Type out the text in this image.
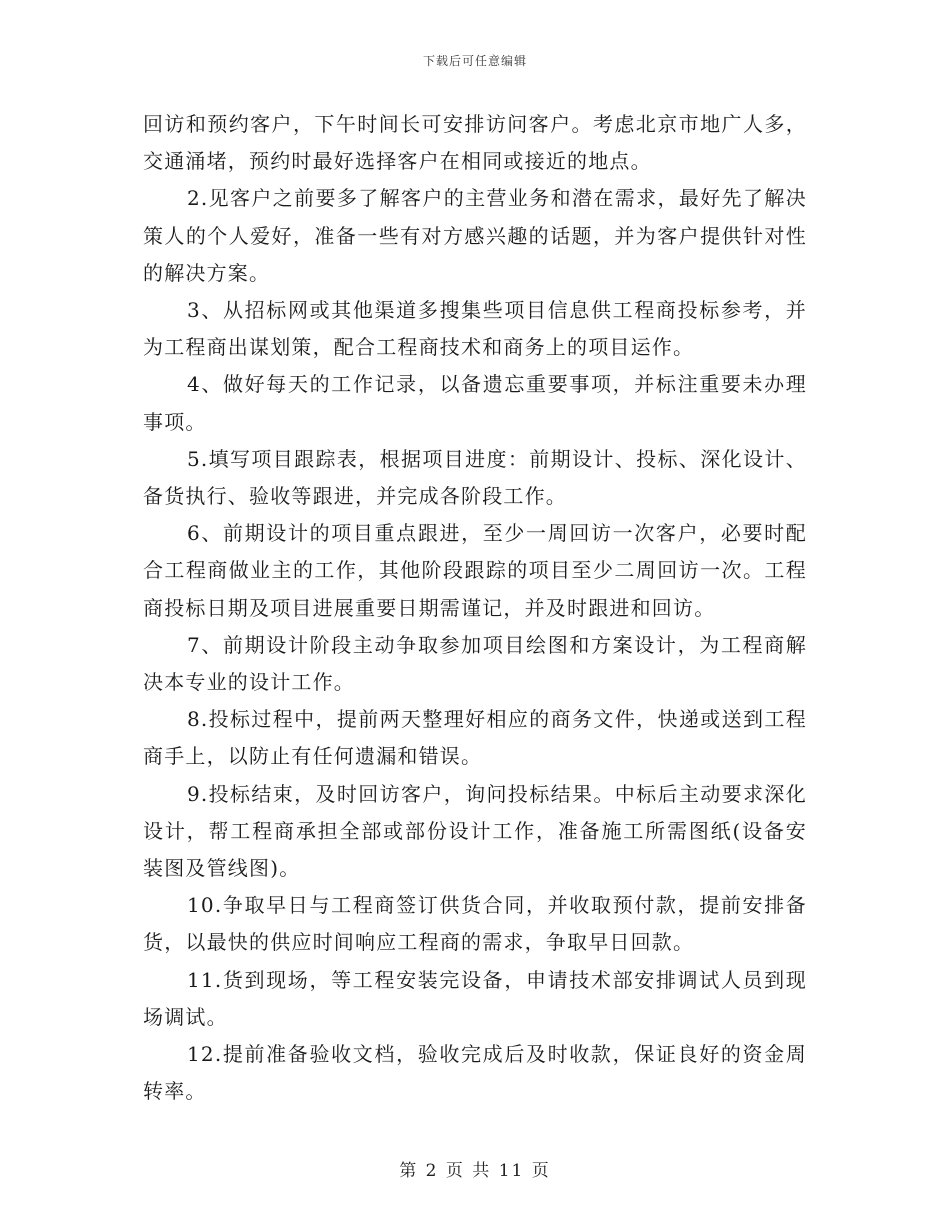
下载后可任意编辑

回访和预约客户，下午时间长可安排访问客户。考虑北京市地广人多，交通涌堵，预约时最好选择客户在相同或接近的地点。

2.见客户之前要多了解客户的主营业务和潜在需求，最好先了解决策人的个人爱好，准备一些有对方感兴趣的话题，并为客户提供针对性的解决方案。

3、从招标网或其他渠道多搜集些项目信息供工程商投标参考，并为工程商出谋划策，配合工程商技术和商务上的项目运作。

4、做好每天的工作记录，以备遗忘重要事项，并标注重要未办理事项。

5.填写项目跟踪表，根据项目进度：前期设计、投标、深化设计、备货执行、验收等跟进，并完成各阶段工作。

6、前期设计的项目重点跟进，至少一周回访一次客户，必要时配合工程商做业主的工作，其他阶段跟踪的项目至少二周回访一次。工程商投标日期及项目进展重要日期需谨记，并及时跟进和回访。

7、前期设计阶段主动争取参加项目绘图和方案设计，为工程商解决本专业的设计工作。

8.投标过程中，提前两天整理好相应的商务文件，快递或送到工程商手上，以防止有任何遗漏和错误。

9.投标结束，及时回访客户，询问投标结果。中标后主动要求深化设计，帮工程商承担全部或部份设计工作，准备施工所需图纸(设备安装图及管线图)。

10.争取早日与工程商签订供货合同，并收取预付款，提前安排备货，以最快的供应时间响应工程商的需求，争取早日回款。

11.货到现场，等工程安装完设备，申请技术部安排调试人员到现场调试。

12.提前准备验收文档，验收完成后及时收款，保证良好的资金周转率。

第 2 页 共 11 页
